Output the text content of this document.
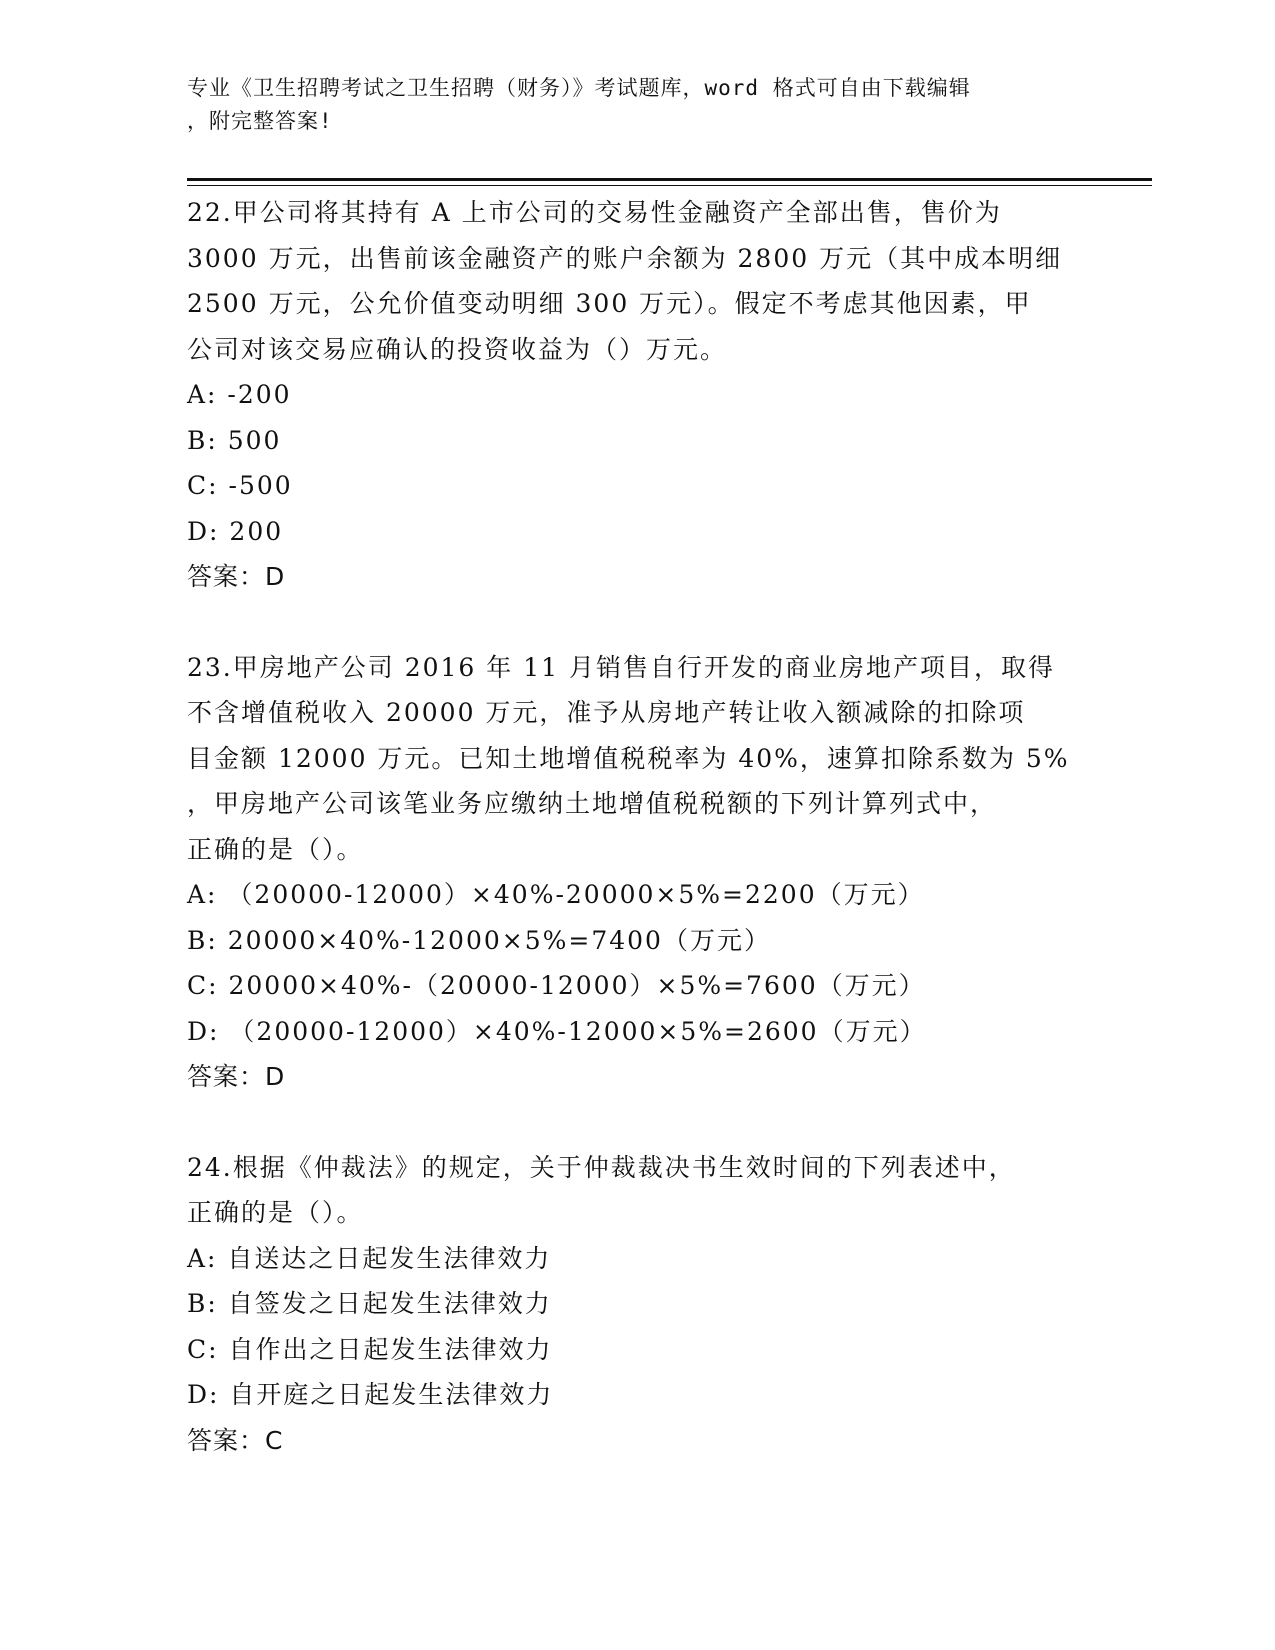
专业《卫生招聘考试之卫生招聘（财务）》考试题库，word 格式可自由下载编辑
，附完整答案!
22.甲公司将其持有 A 上市公司的交易性金融资产全部出售，售价为
3000 万元，出售前该金融资产的账户余额为 2800 万元（其中成本明细
2500 万元，公允价值变动明细 300 万元）。假定不考虑其他因素，甲
公司对该交易应确认的投资收益为（）万元。
A: -200
B: 500
C: -500
D: 200
答案：D
23.甲房地产公司 2016 年 11 月销售自行开发的商业房地产项目，取得
不含增值税收入 20000 万元，准予从房地产转让收入额减除的扣除项
目金额 12000 万元。已知土地增值税税率为 40%，速算扣除系数为 5%
，甲房地产公司该笔业务应缴纳土地增值税税额的下列计算列式中，
正确的是（）。
A: （20000-12000）×40%-20000×5%=2200（万元）
B: 20000×40%-12000×5%=7400（万元）
C: 20000×40%-（20000-12000）×5%=7600（万元）
D: （20000-12000）×40%-12000×5%=2600（万元）
答案：D
24.根据《仲裁法》的规定，关于仲裁裁决书生效时间的下列表述中，
正确的是（）。
A: 自送达之日起发生法律效力
B: 自签发之日起发生法律效力
C: 自作出之日起发生法律效力
D: 自开庭之日起发生法律效力
答案：C
